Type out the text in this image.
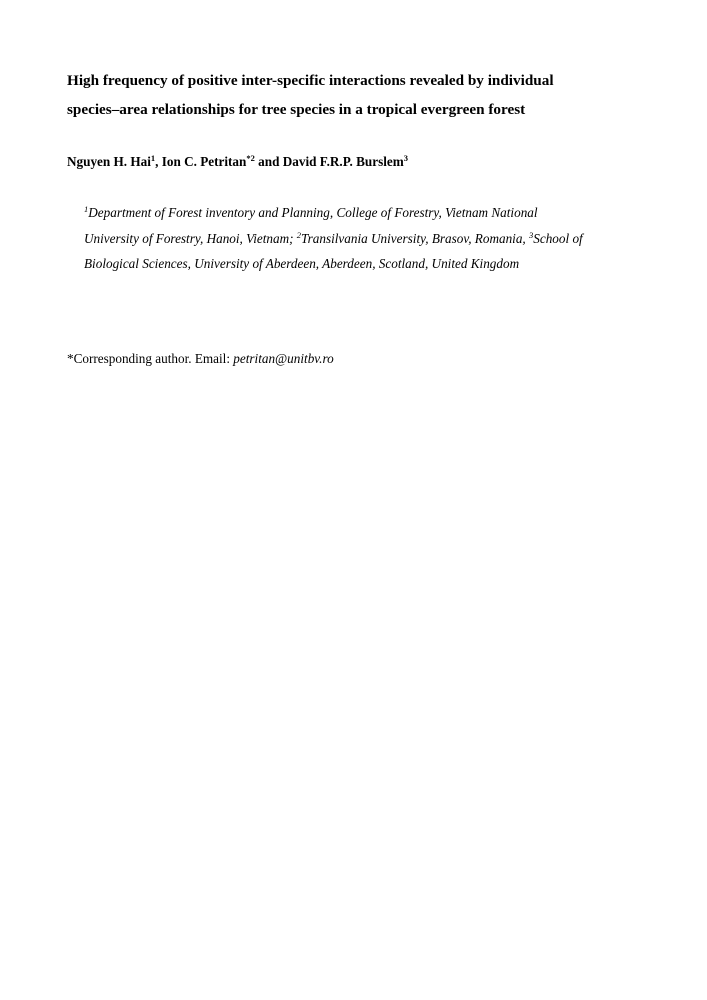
High frequency of positive inter-specific interactions revealed by individual
species–area relationships for tree species in a tropical evergreen forest

Nguyen H. Hai$^1$, Ion C. Petritan$^{*2}$ and David F.R.P. Burslem$^3$

$^1$Department of Forest inventory and Planning, College of Forestry, Vietnam National
University of Forestry, Hanoi, Vietnam; $^2$Transilvania University, Brasov, Romania, $^3$School of
Biological Sciences, University of Aberdeen, Aberdeen, Scotland, United Kingdom

*Corresponding author. Email: petritan@unitbv.ro
